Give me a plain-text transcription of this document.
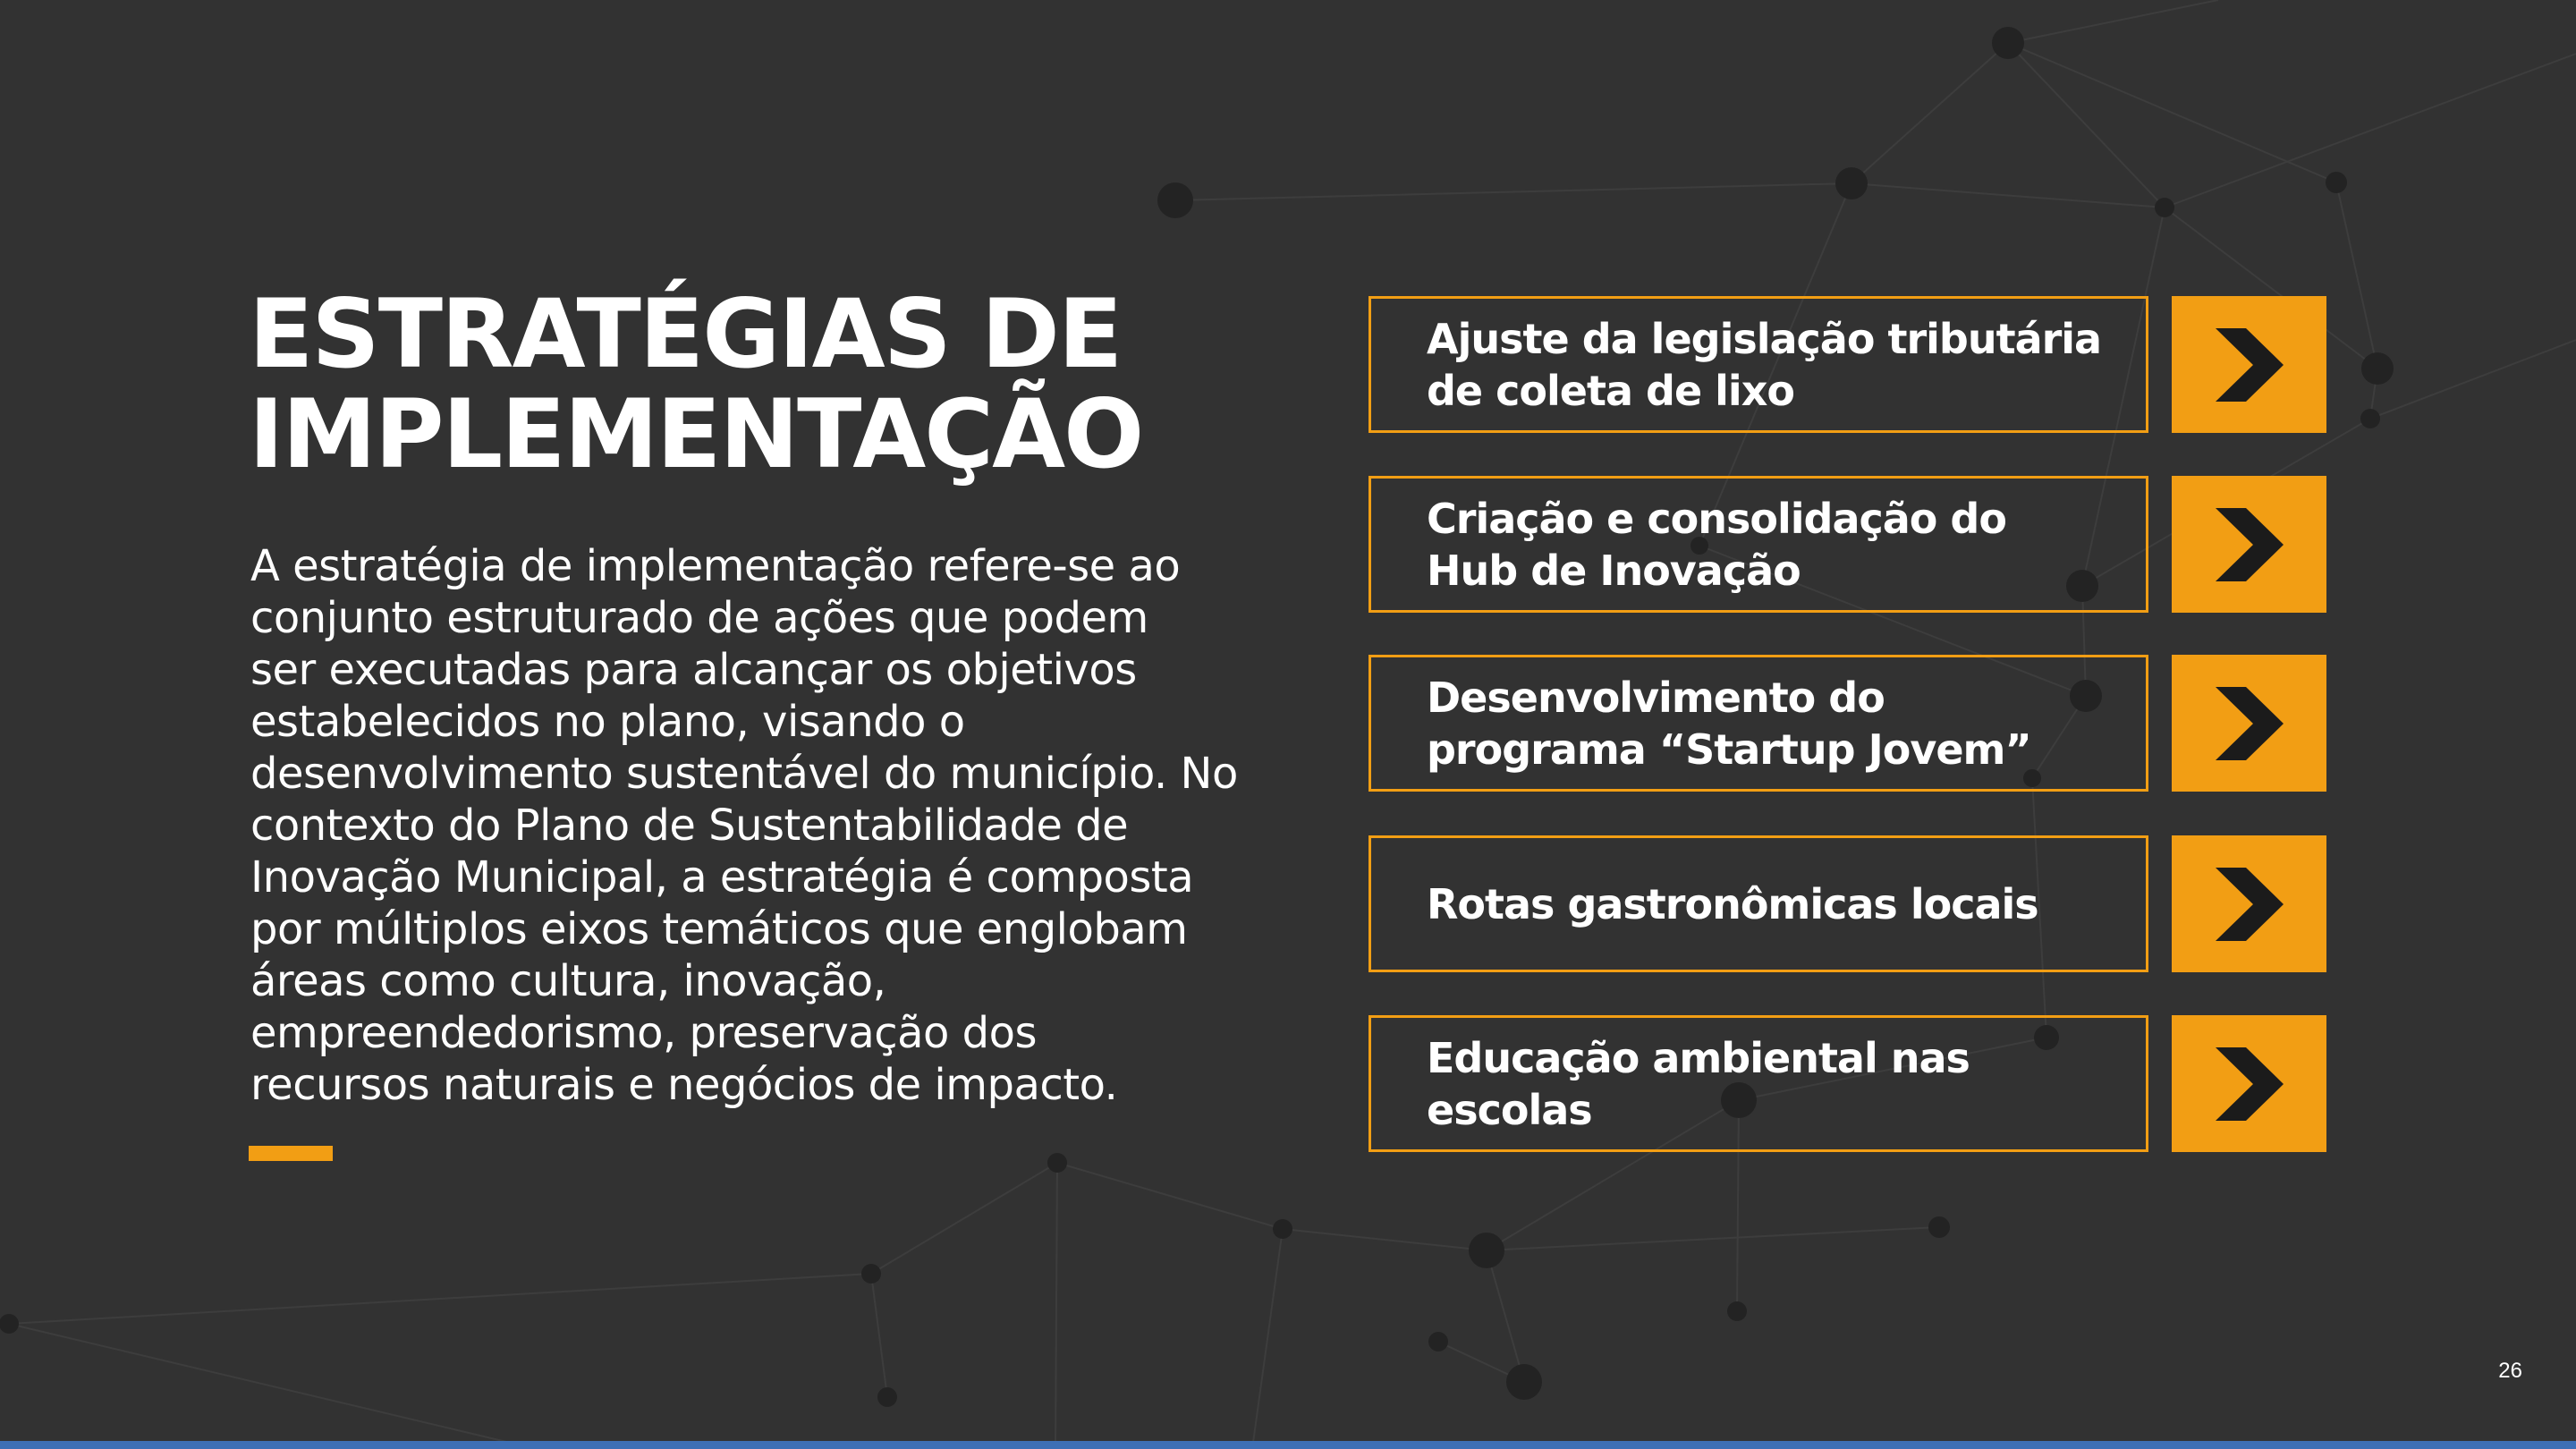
ESTRATÉGIAS DE
IMPLEMENTAÇÃO

A estratégia de implementação refere-se ao
conjunto estruturado de ações que podem
ser executadas para alcançar os objetivos
estabelecidos no plano, visando o
desenvolvimento sustentável do município. No
contexto do Plano de Sustentabilidade de
Inovação Municipal, a estratégia é composta
por múltiplos eixos temáticos que englobam
áreas como cultura, inovação,
empreendedorismo, preservação dos
recursos naturais e negócios de impacto.

Ajuste da legislação tributária
de coleta de lixo
Criação e consolidação do
Hub de Inovação
Desenvolvimento do
programa “Startup Jovem”
Rotas gastronômicas locais
Educação ambiental nas
escolas
26
